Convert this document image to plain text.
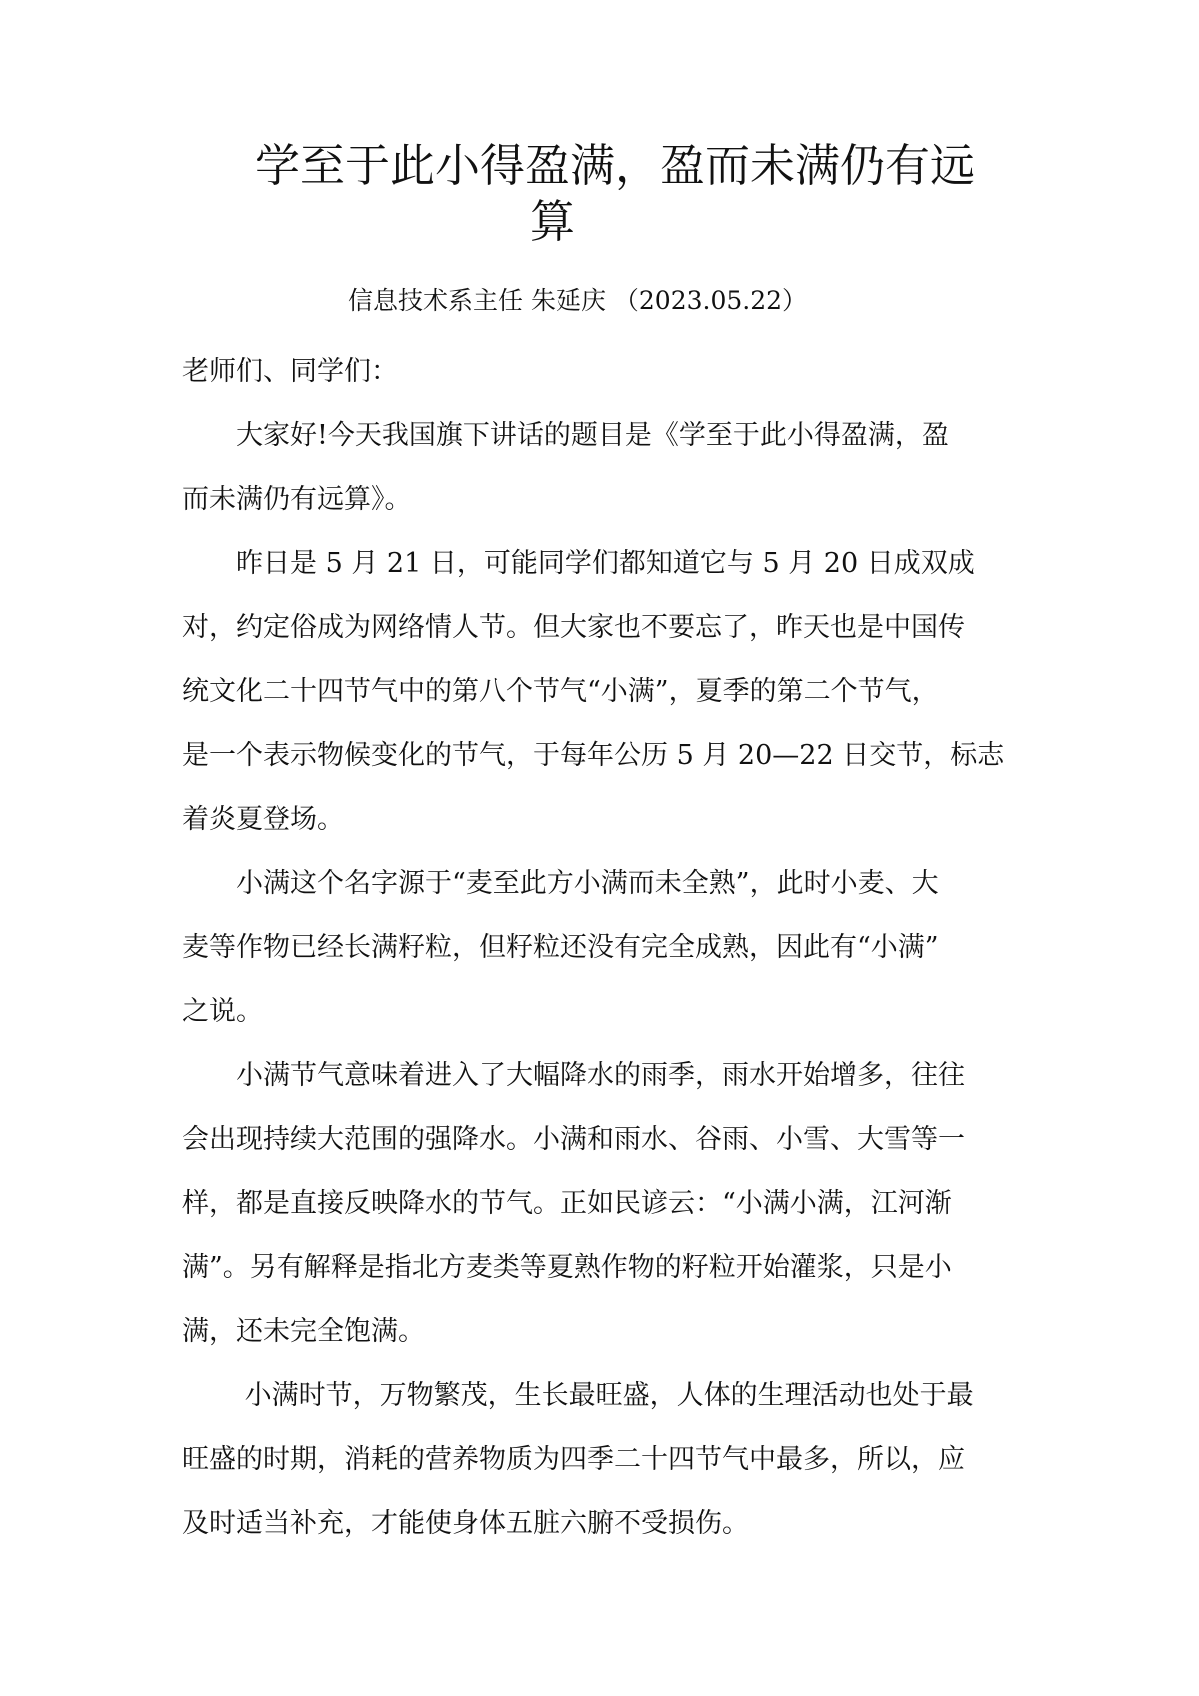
学至于此小得盈满，盈而未满仍有远
算
信息技术系主任 朱延庆 （2023.05.22）

老师们、同学们：

　　大家好!今天我国旗下讲话的题目是《学至于此小得盈满，盈
而未满仍有远算》。

　　昨日是 5 月 21 日，可能同学们都知道它与 5 月 20 日成双成
对，约定俗成为网络情人节。但大家也不要忘了，昨天也是中国传
统文化二十四节气中的第八个节气“小满”，夏季的第二个节气，
是一个表示物候变化的节气，于每年公历 5 月 20—22 日交节，标志
着炎夏登场。

　　小满这个名字源于“麦至此方小满而未全熟”，此时小麦、大
麦等作物已经长满籽粒，但籽粒还没有完全成熟，因此有“小满”
之说。

　　小满节气意味着进入了大幅降水的雨季，雨水开始增多，往往
会出现持续大范围的强降水。小满和雨水、谷雨、小雪、大雪等一
样，都是直接反映降水的节气。正如民谚云：“小满小满，江河渐
满”。另有解释是指北方麦类等夏熟作物的籽粒开始灌浆，只是小
满，还未完全饱满。

　　 小满时节，万物繁茂，生长最旺盛，人体的生理活动也处于最
旺盛的时期，消耗的营养物质为四季二十四节气中最多，所以，应
及时适当补充，才能使身体五脏六腑不受损伤。
